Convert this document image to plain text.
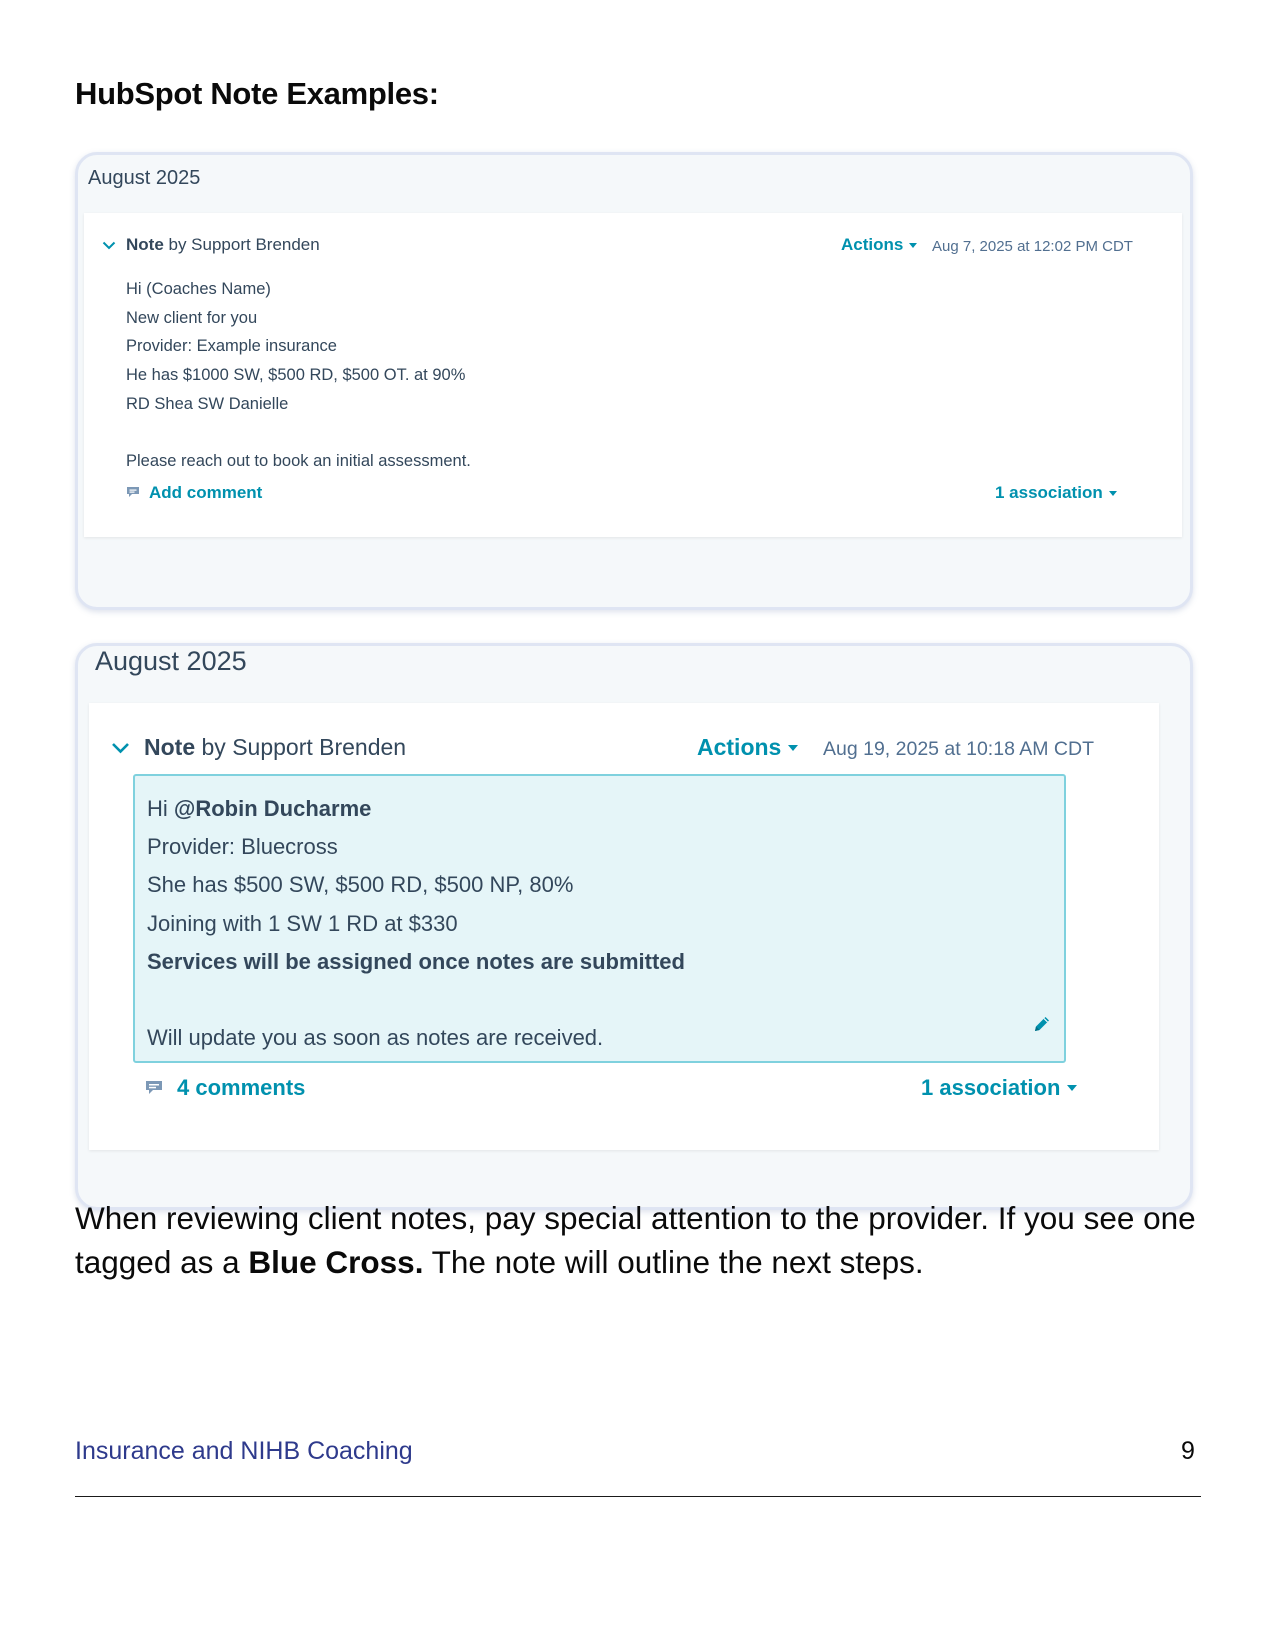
HubSpot Note Examples:
August 2025
Note by Support Brenden	Actions Aug 7, 2025 at 12:02 PM CDT
Hi (Coaches Name)
New client for you
Provider: Example insurance
He has $1000 SW, $500 RD, $500 OT. at 90%
RD Shea SW Danielle

Please reach out to book an initial assessment.
Add comment	1 association
August 2025
Note by Support Brenden	Actions Aug 19, 2025 at 10:18 AM CDT
Hi @Robin Ducharme
Provider: Bluecross
She has $500 SW, $500 RD, $500 NP, 80%
Joining with 1 SW 1 RD at $330
Services will be assigned once notes are submitted

Will update you as soon as notes are received.
4 comments	1 association

When reviewing client notes, pay special attention to the provider. If you see one tagged as a Blue Cross. The note will outline the next steps.

Insurance and NIHB Coaching	9
